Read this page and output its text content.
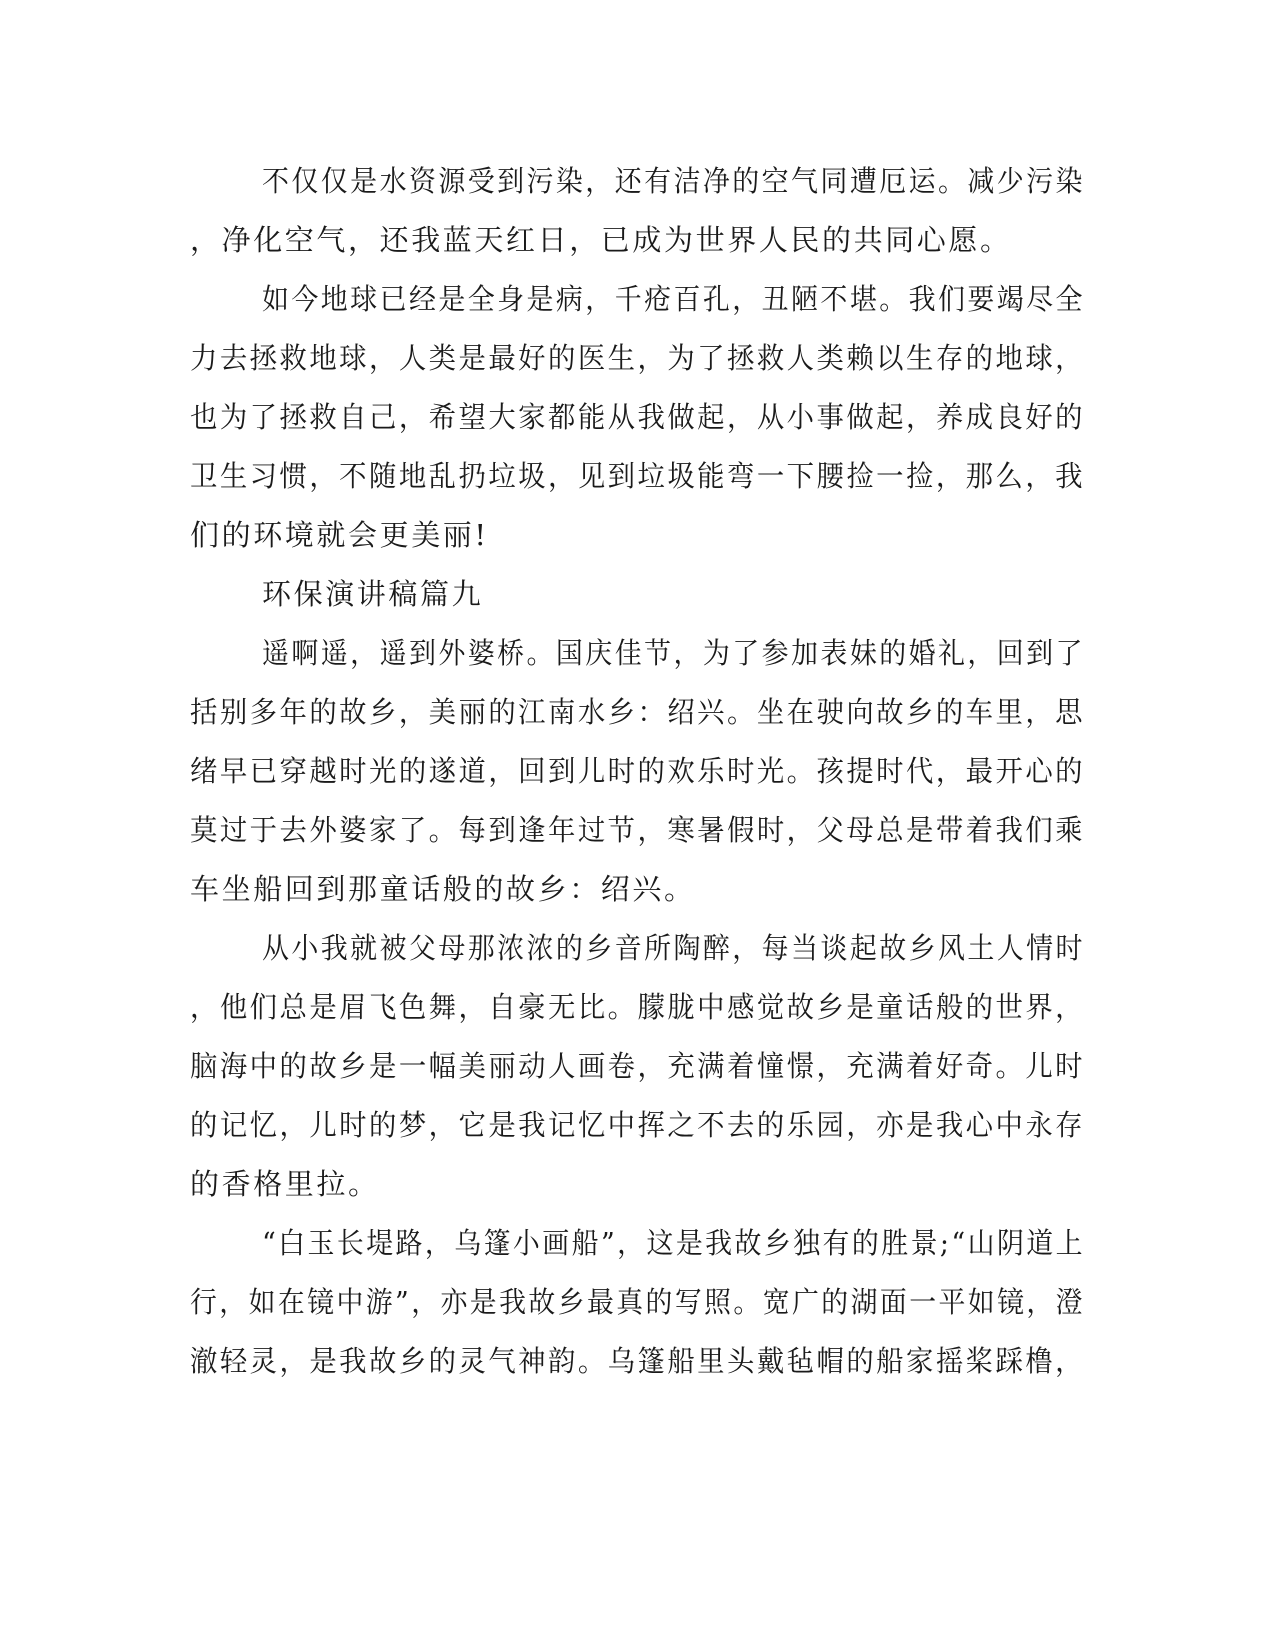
不仅仅是水资源受到污染，还有洁净的空气同遭厄运。减少污染
，净化空气，还我蓝天红日，已成为世界人民的共同心愿。
如今地球已经是全身是病，千疮百孔，丑陋不堪。我们要竭尽全
力去拯救地球，人类是最好的医生，为了拯救人类赖以生存的地球，
也为了拯救自己，希望大家都能从我做起，从小事做起，养成良好的
卫生习惯，不随地乱扔垃圾，见到垃圾能弯一下腰捡一捡，那么，我
们的环境就会更美丽!
环保演讲稿篇九
遥啊遥，遥到外婆桥。国庆佳节，为了参加表妹的婚礼，回到了
括别多年的故乡，美丽的江南水乡：绍兴。坐在驶向故乡的车里，思
绪早已穿越时光的遂道，回到儿时的欢乐时光。孩提时代，最开心的
莫过于去外婆家了。每到逢年过节，寒暑假时，父母总是带着我们乘
车坐船回到那童话般的故乡：绍兴。
从小我就被父母那浓浓的乡音所陶醉，每当谈起故乡风土人情时
，他们总是眉飞色舞，自豪无比。朦胧中感觉故乡是童话般的世界，
脑海中的故乡是一幅美丽动人画卷，充满着憧憬，充满着好奇。儿时
的记忆，儿时的梦，它是我记忆中挥之不去的乐园，亦是我心中永存
的香格里拉。
“白玉长堤路，乌篷小画船”，这是我故乡独有的胜景;“山阴道上
行，如在镜中游”，亦是我故乡最真的写照。宽广的湖面一平如镜，澄
澈轻灵，是我故乡的灵气神韵。乌篷船里头戴毡帽的船家摇桨踩橹，
